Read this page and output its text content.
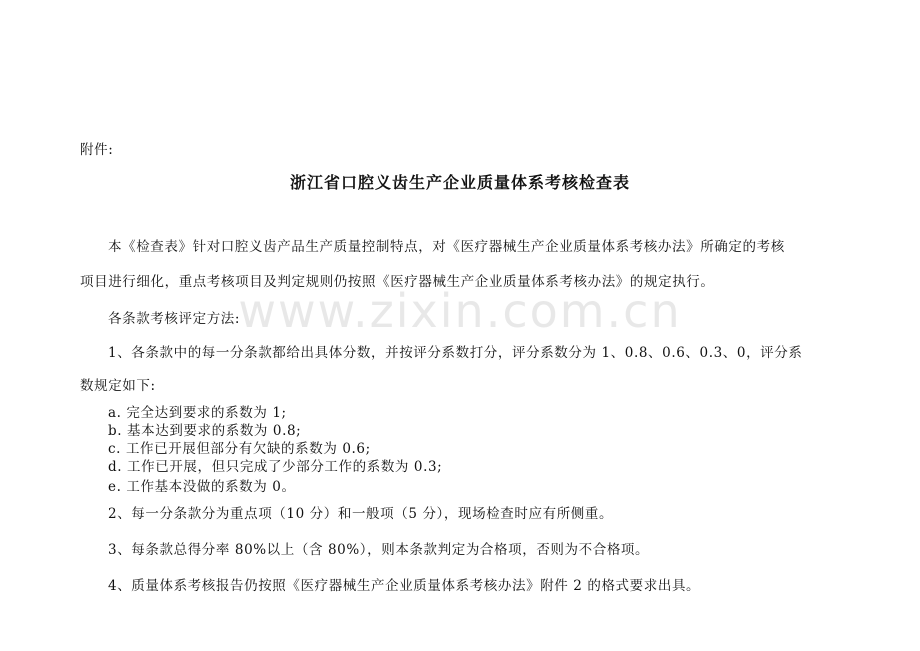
www.zixin.com.cn
附件:
浙江省口腔义齿生产企业质量体系考核检查表
本《检查表》针对口腔义齿产品生产质量控制特点，对《医疗器械生产企业质量体系考核办法》所确定的考核
项目进行细化，重点考核项目及判定规则仍按照《医疗器械生产企业质量体系考核办法》的规定执行。
各条款考核评定方法:
1、各条款中的每一分条款都给出具体分数，并按评分系数打分，评分系数分为 1、0.8、0.6、0.3、0，评分系
数规定如下:
a. 完全达到要求的系数为 1;
b. 基本达到要求的系数为 0.8;
c. 工作已开展但部分有欠缺的系数为 0.6;
d. 工作已开展，但只完成了少部分工作的系数为 0.3;
e. 工作基本没做的系数为 0。
2、每一分条款分为重点项（10 分）和一般项（5 分），现场检查时应有所侧重。
3、每条款总得分率 80%以上（含 80%），则本条款判定为合格项，否则为不合格项。
4、质量体系考核报告仍按照《医疗器械生产企业质量体系考核办法》附件 2 的格式要求出具。
